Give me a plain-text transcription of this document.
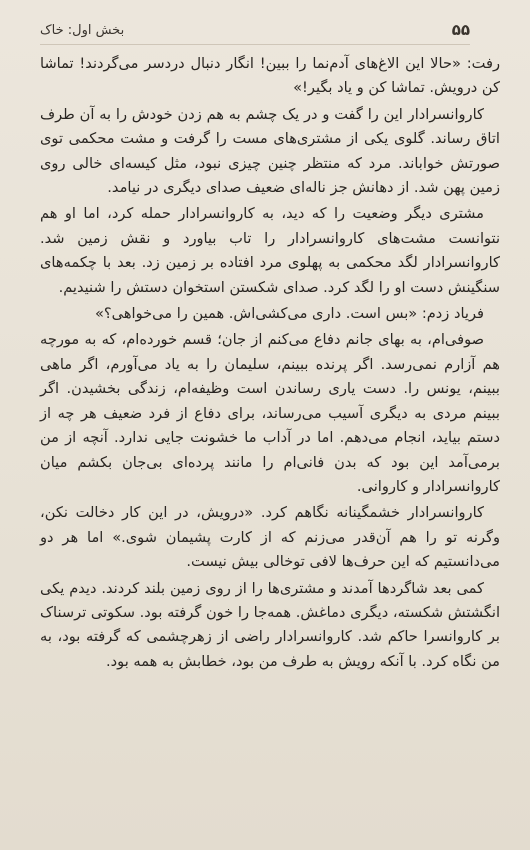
۵۵
بخش اول: خاک

رفت: «حالا این الاغ‌های آدم‌نما را ببین! انگار دنبال دردسر می‌گردند! تماشا کن درویش. تماشا کن و یاد بگیر!»

کاروانسرادار این را گفت و در یک چشم به هم زدن خودش را به آن طرف اتاق رساند. گلوی یکی از مشتری‌های مست را گرفت و مشت محکمی توی صورتش خواباند. مرد که منتظر چنین چیزی نبود، مثل کیسه‌ای خالی روی زمین پهن شد. از دهانش جز ناله‌ای ضعیف صدای دیگری در نیامد.

مشتری دیگر وضعیت را که دید، به کاروانسرادار حمله کرد، اما او هم نتوانست مشت‌های کاروانسرادار را تاب بیاورد و نقش زمین شد. کاروانسرادار لگد محکمی به پهلوی مرد افتاده بر زمین زد. بعد با چکمه‌های سنگینش دست او را لگد کرد. صدای شکستن استخوان دستش را شنیدیم.

فریاد زدم: «بس است. داری می‌کشی‌اش. همین را می‌خواهی؟»

صوفی‌ام، به بهای جانم دفاع می‌کنم از جان؛ قسم خورده‌ام، که به مورچه هم آزارم نمی‌رسد. اگر پرنده ببینم، سلیمان را به یاد می‌آورم، اگر ماهی ببینم، یونس را. دست یاری رساندن است وظیفه‌ام، زندگی بخشیدن. اگر ببینم مردی به دیگری آسیب می‌رساند، برای دفاع از فرد ضعیف هر چه از دستم بیاید، انجام می‌دهم. اما در آداب ما خشونت جایی ندارد. آنچه از من برمی‌آمد این بود که بدن فانی‌ام را مانند پرده‌ای بی‌جان بکشم میان کاروانسرادار و کاروانی.

کاروانسرادار خشمگینانه نگاهم کرد. «درویش، در این کار دخالت نکن، وگرنه تو را هم آن‌قدر می‌زنم که از کارت پشیمان شوی.» اما هر دو می‌دانستیم که این حرف‌ها لافی توخالی بیش نیست.

کمی بعد شاگردها آمدند و مشتری‌ها را از روی زمین بلند کردند. دیدم یکی انگشتش شکسته، دیگری دماغش. همه‌جا را خون گرفته بود. سکوتی ترسناک بر کاروانسرا حاکم شد. کاروانسرادار راضی از زهرچشمی که گرفته بود، به من نگاه کرد. با آنکه رویش به طرف من بود، خطابش به همه بود.
